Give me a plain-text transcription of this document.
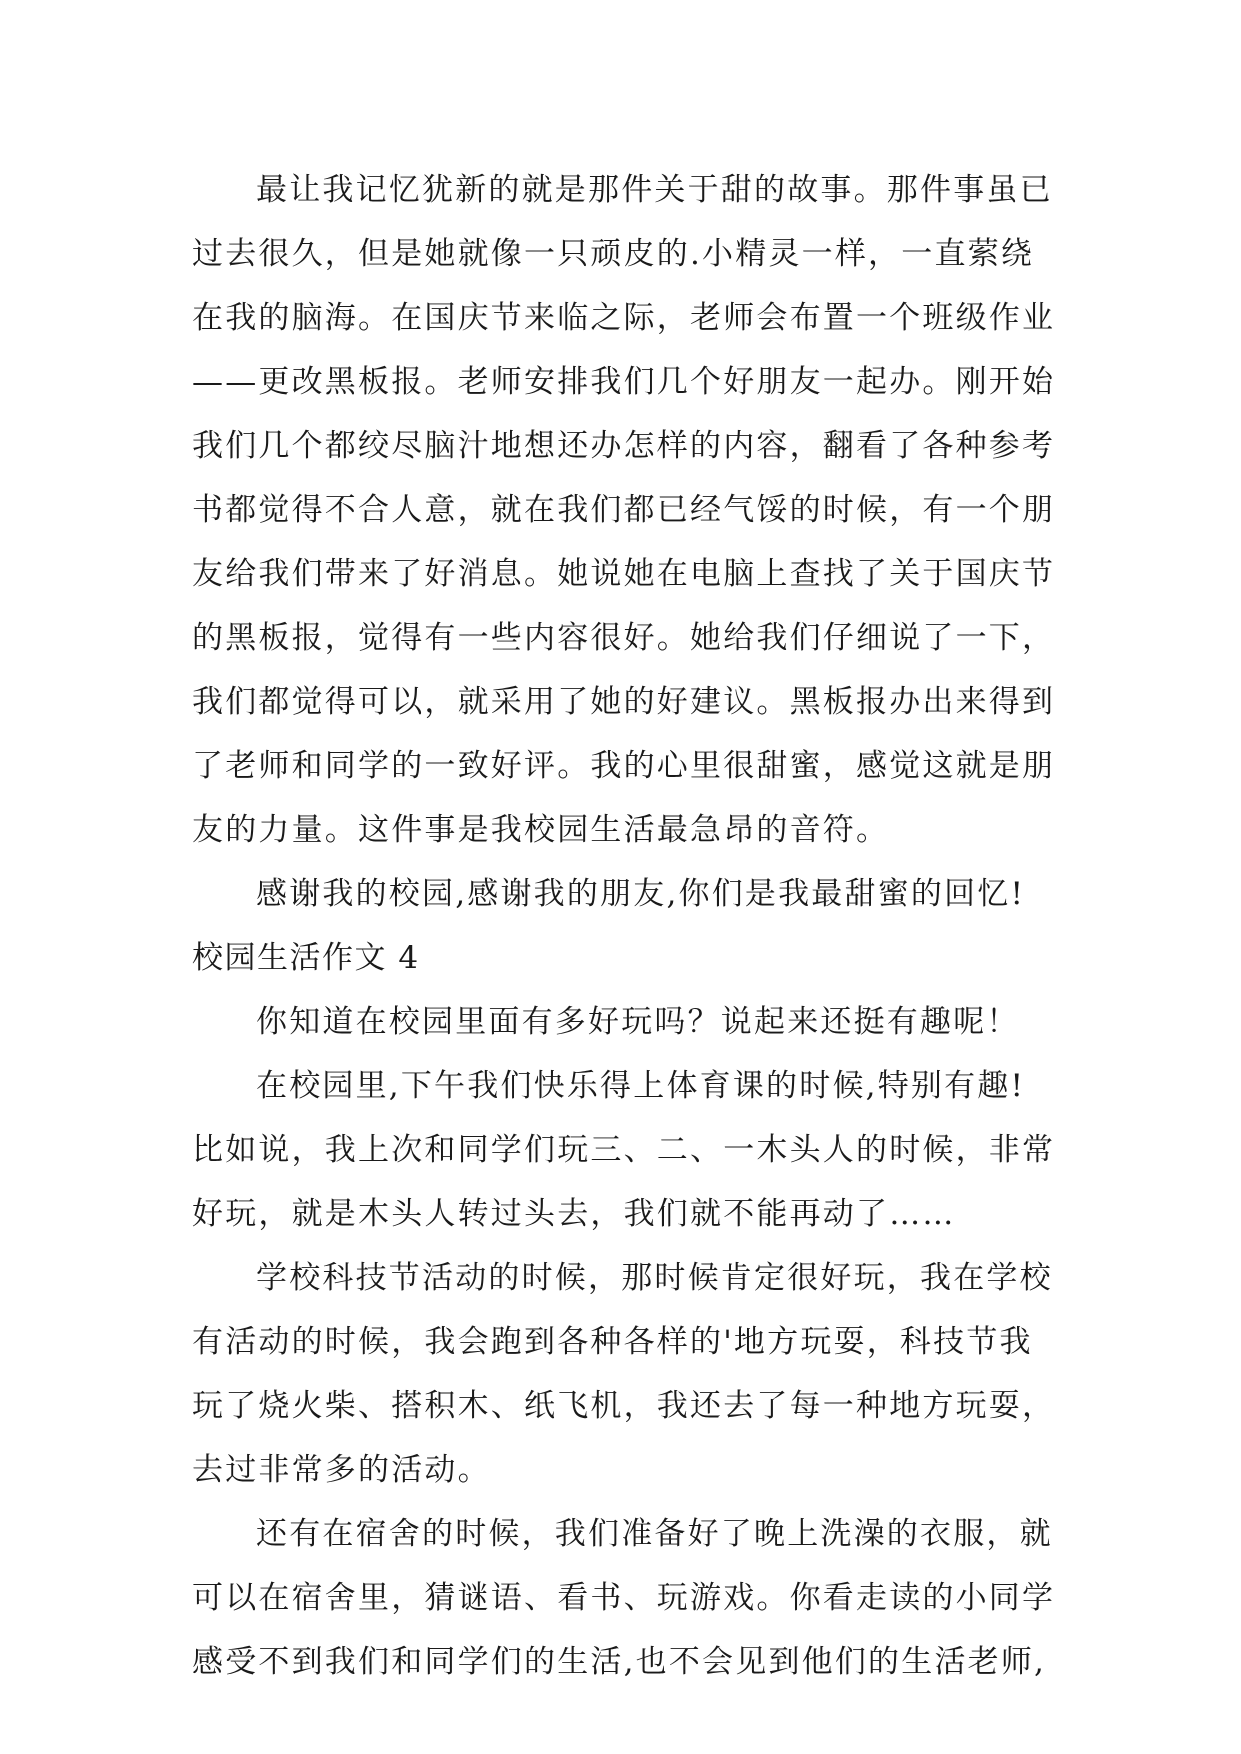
最让我记忆犹新的就是那件关于甜的故事。那件事虽已
过去很久，但是她就像一只顽皮的.小精灵一样，一直萦绕
在我的脑海。在国庆节来临之际，老师会布置一个班级作业
——更改黑板报。老师安排我们几个好朋友一起办。刚开始
我们几个都绞尽脑汁地想还办怎样的内容，翻看了各种参考
书都觉得不合人意，就在我们都已经气馁的时候，有一个朋
友给我们带来了好消息。她说她在电脑上查找了关于国庆节
的黑板报，觉得有一些内容很好。她给我们仔细说了一下，
我们都觉得可以，就采用了她的好建议。黑板报办出来得到
了老师和同学的一致好评。我的心里很甜蜜，感觉这就是朋
友的力量。这件事是我校园生活最急昂的音符。
感谢我的校园,感谢我的朋友,你们是我最甜蜜的回忆!
校园生活作文 4
你知道在校园里面有多好玩吗？说起来还挺有趣呢！
在校园里,下午我们快乐得上体育课的时候,特别有趣!
比如说，我上次和同学们玩三、二、一木头人的时候，非常
好玩，就是木头人转过头去，我们就不能再动了……
学校科技节活动的时候，那时候肯定很好玩，我在学校
有活动的时候，我会跑到各种各样的'地方玩耍，科技节我
玩了烧火柴、搭积木、纸飞机，我还去了每一种地方玩耍，
去过非常多的活动。
还有在宿舍的时候，我们准备好了晚上洗澡的衣服，就
可以在宿舍里，猜谜语、看书、玩游戏。你看走读的小同学
感受不到我们和同学们的生活,也不会见到他们的生活老师,
